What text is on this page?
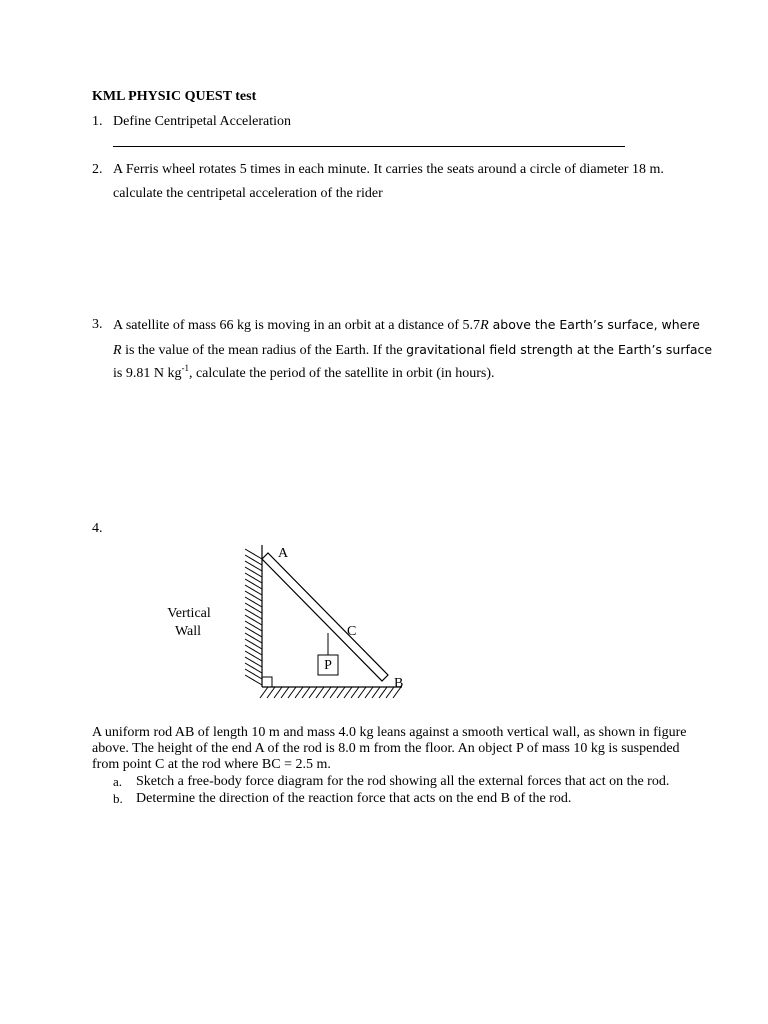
KML PHYSIC QUEST test
1. Define Centripetal Acceleration
2. A Ferris wheel rotates 5 times in each minute. It carries the seats around a circle of diameter 18 m.
calculate the centripetal acceleration of the rider
3. A satellite of mass 66 kg is moving in an orbit at a distance of 5.7R above the Earth’s surface, where
R is the value of the mean radius of the Earth. If the gravitational field strength at the Earth’s surface
is 9.81 N $kg^{-1}$, calculate the period of the satellite in orbit (in hours).
4.
P
A
C
B
Vertical
Wall
A uniform rod AB of length 10 m and mass 4.0 kg leans against a smooth vertical wall, as shown in figure above. The height of the end A of the rod is 8.0 m from the floor. An object P of mass 10 kg is suspended from point C at the rod where BC = 2.5 m.
a. Sketch a free-body force diagram for the rod showing all the external forces that act on the rod.
b. Determine the direction of the reaction force that acts on the end B of the rod.
